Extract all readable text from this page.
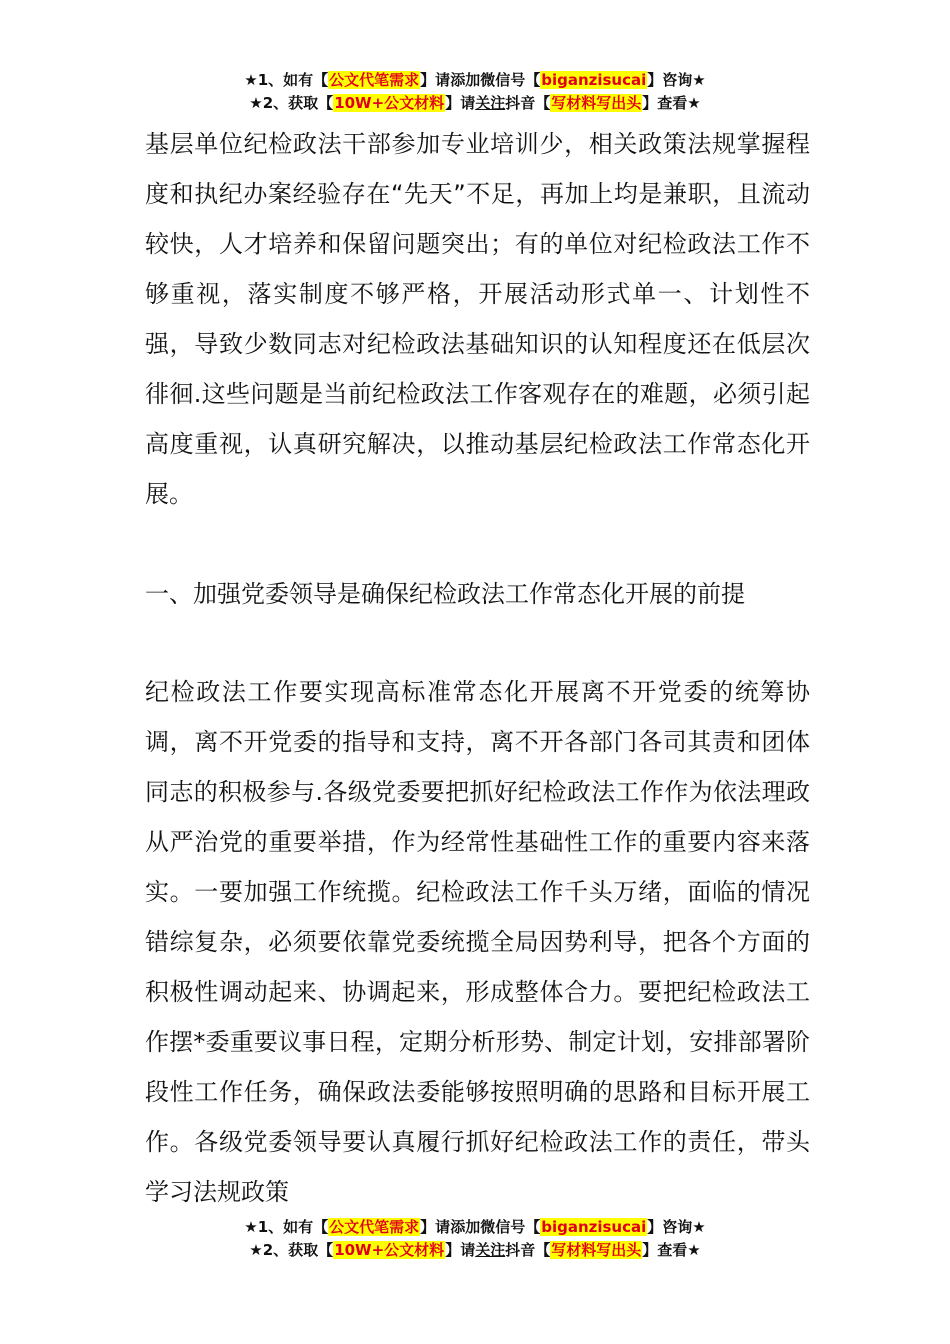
★1、如有【公文代笔需求】请添加微信号【biganzisucai】咨询★
★2、获取【10W+公文材料】请关注抖音【写材料写出头】查看★

基层单位纪检政法干部参加专业培训少，相关政策法规掌握程度和执纪办案经验存在“先天”不足，再加上均是兼职，且流动较快，人才培养和保留问题突出；有的单位对纪检政法工作不够重视，落实制度不够严格，开展活动形式单一、计划性不强，导致少数同志对纪检政法基础知识的认知程度还在低层次徘徊.这些问题是当前纪检政法工作客观存在的难题，必须引起高度重视，认真研究解决，以推动基层纪检政法工作常态化开展。

一、加强党委领导是确保纪检政法工作常态化开展的前提

纪检政法工作要实现高标准常态化开展离不开党委的统筹协调，离不开党委的指导和支持，离不开各部门各司其责和团体同志的积极参与.各级党委要把抓好纪检政法工作作为依法理政从严治党的重要举措，作为经常性基础性工作的重要内容来落实。一要加强工作统揽。纪检政法工作千头万绪，面临的情况错综复杂，必须要依靠党委统揽全局因势利导，把各个方面的积极性调动起来、协调起来，形成整体合力。要把纪检政法工作摆*委重要议事日程，定期分析形势、制定计划，安排部署阶段性工作任务，确保政法委能够按照明确的思路和目标开展工作。各级党委领导要认真履行抓好纪检政法工作的责任，带头学习法规政策

★1、如有【公文代笔需求】请添加微信号【biganzisucai】咨询★
★2、获取【10W+公文材料】请关注抖音【写材料写出头】查看★
